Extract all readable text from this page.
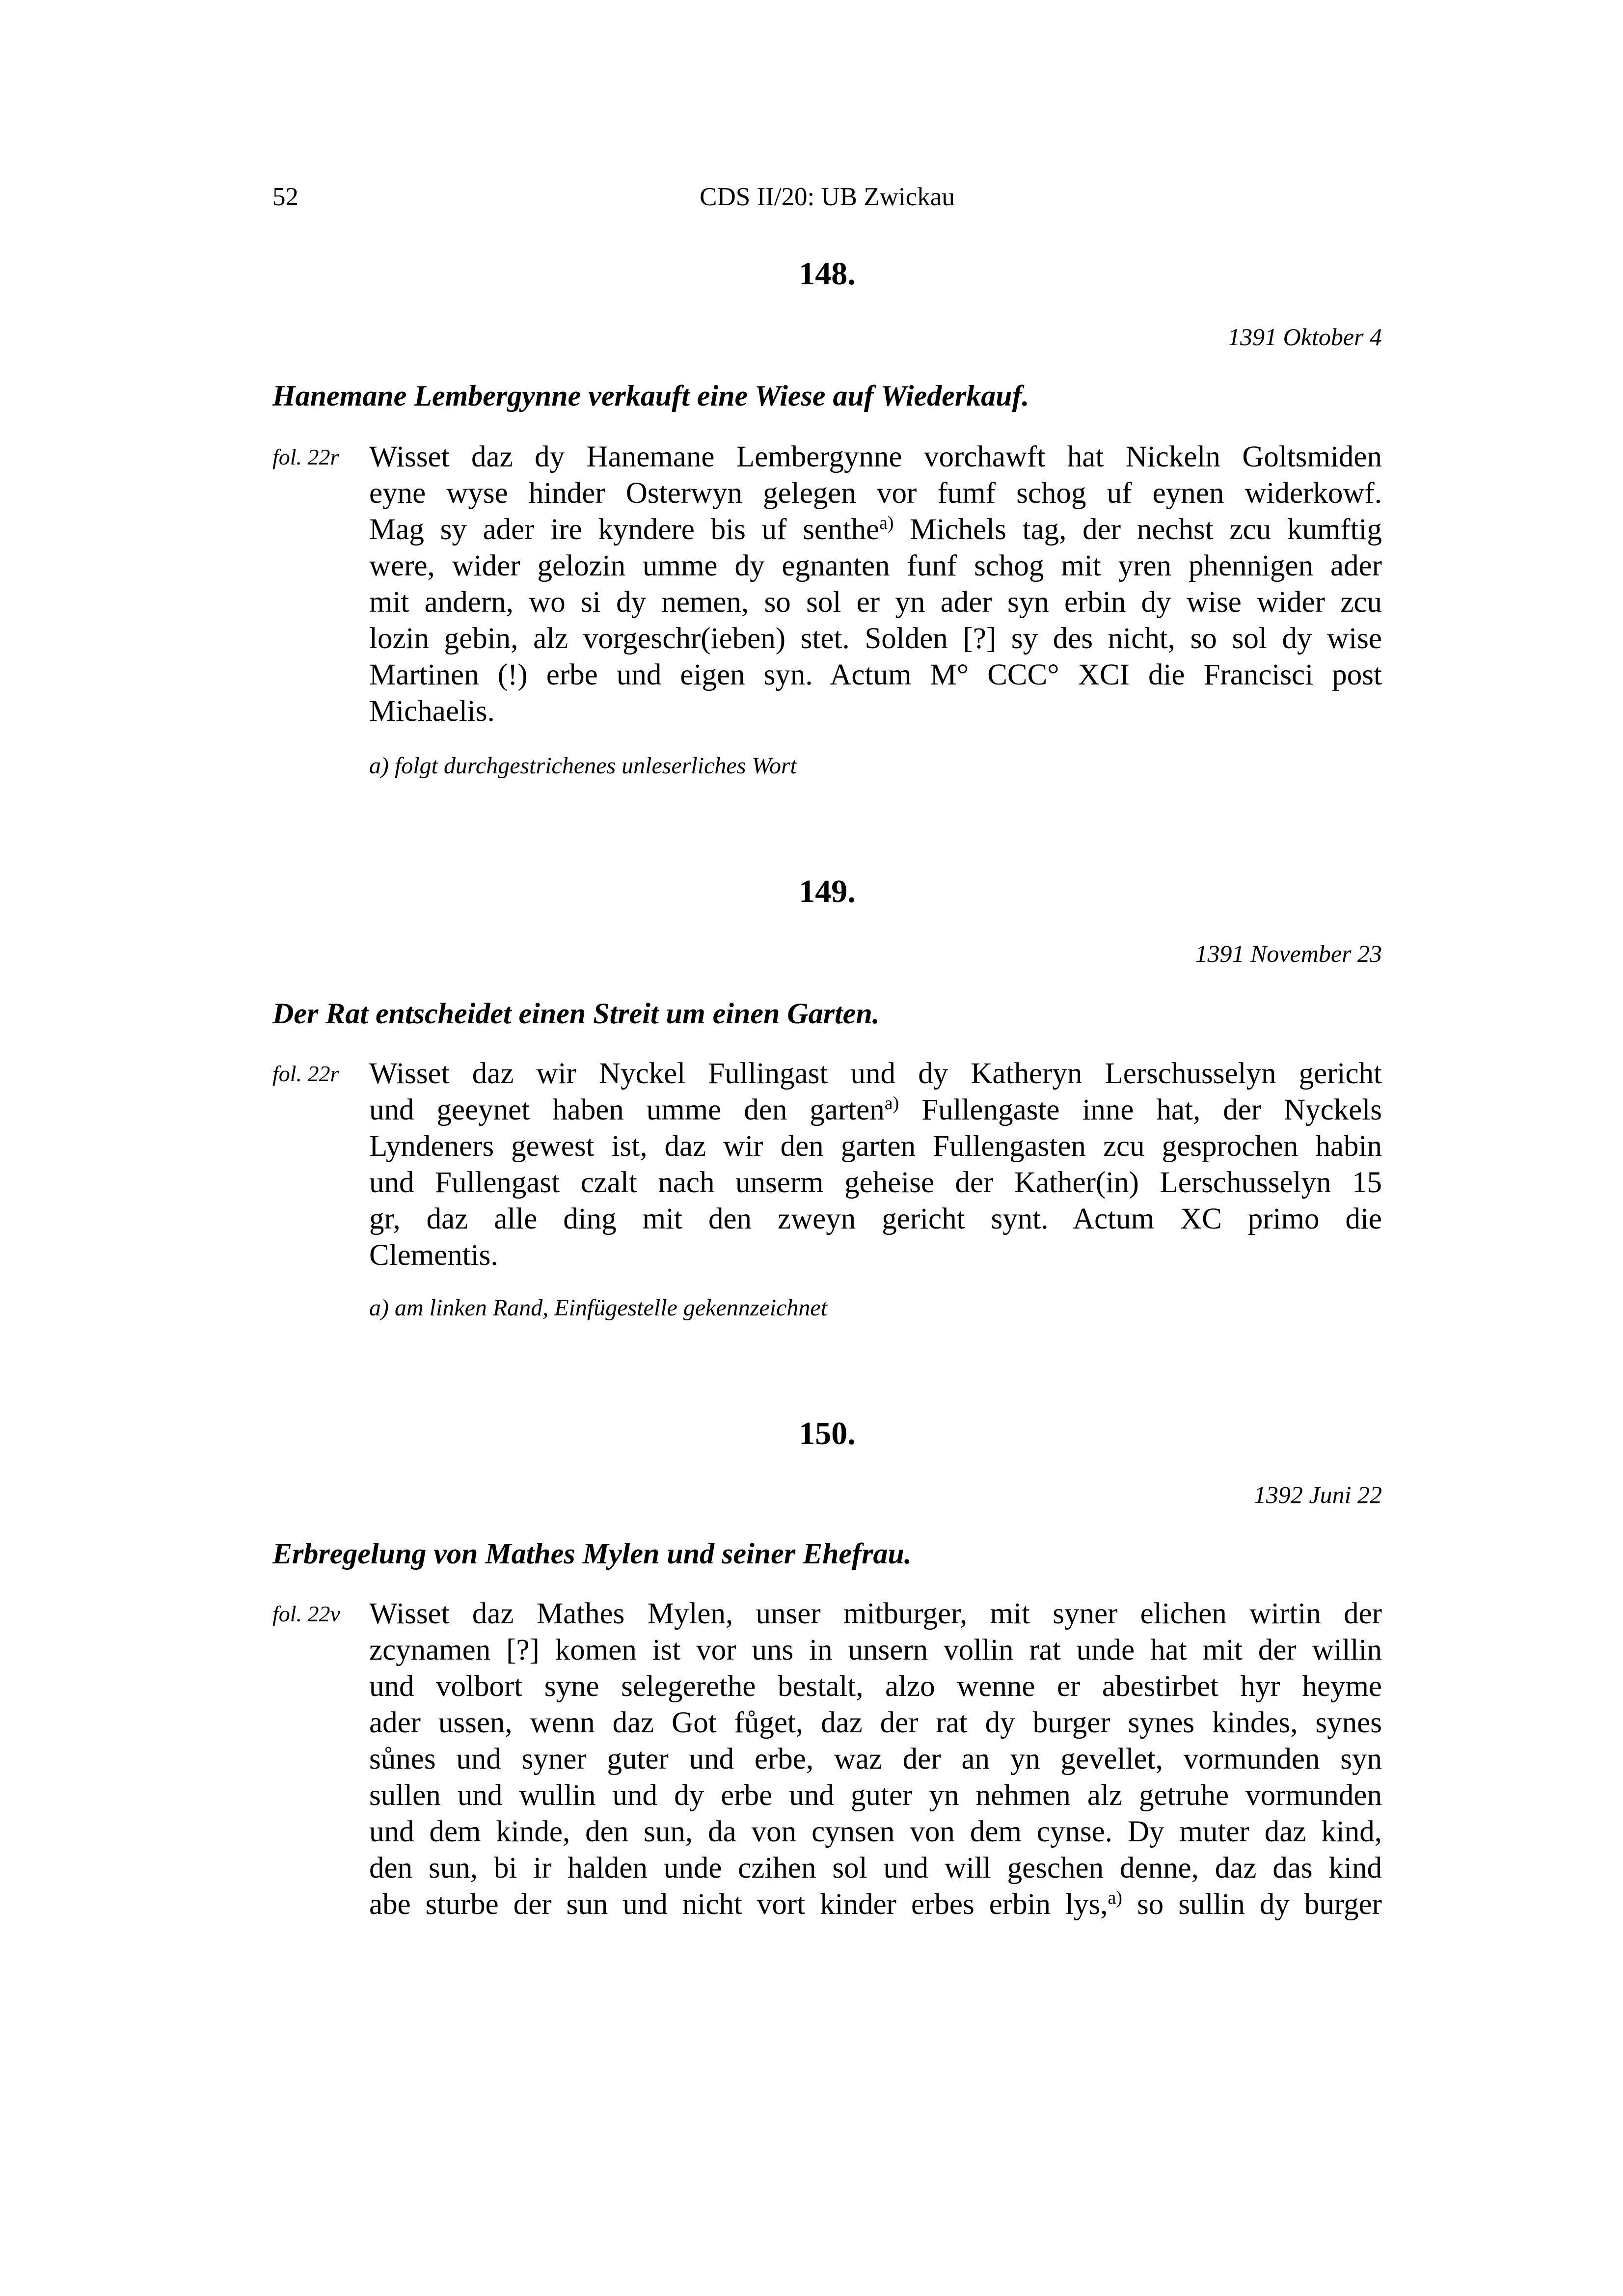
52	CDS II/20: UB Zwickau
148.
1391 Oktober 4
Hanemane Lembergynne verkauft eine Wiese auf Wiederkauf.
fol. 22r Wisset daz dy Hanemane Lembergynne vorchawft hat Nickeln Goltsmiden
eyne wyse hinder Osterwyn gelegen vor fumf schog uf eynen widerkowf.
Mag sy ader ire kyndere bis uf senthe$^{a)}$ Michels tag, der nechst zcu kumftig
were, wider gelozin umme dy egnanten funf schog mit yren phennigen ader
mit andern, wo si dy nemen, so sol er yn ader syn erbin dy wise wider zcu
lozin gebin, alz vorgeschr(ieben) stet. Solden [?] sy des nicht, so sol dy wise
Martinen (!) erbe und eigen syn. Actum M° CCC° XCI die Francisci post
Michaelis.
a) folgt durchgestrichenes unleserliches Wort
149.
1391 November 23
Der Rat entscheidet einen Streit um einen Garten.
fol. 22r Wisset daz wir Nyckel Fullingast und dy Katheryn Lerschusselyn gericht
und geeynet haben umme den garten$^{a)}$ Fullengaste inne hat, der Nyckels
Lyndeners gewest ist, daz wir den garten Fullengasten zcu gesprochen habin
und Fullengast czalt nach unserm geheise der Kather(in) Lerschusselyn 15
gr, daz alle ding mit den zweyn gericht synt. Actum XC primo die
Clementis.
a) am linken Rand, Einfügestelle gekennzeichnet
150.
1392 Juni 22
Erbregelung von Mathes Mylen und seiner Ehefrau.
fol. 22v Wisset daz Mathes Mylen, unser mitburger, mit syner elichen wirtin der
zcynamen [?] komen ist vor uns in unsern vollin rat unde hat mit der willin
und volbort syne selegerethe bestalt, alzo wenne er abestirbet hyr heyme
ader ussen, wenn daz Got fůget, daz der rat dy burger synes kindes, synes
sůnes und syner guter und erbe, waz der an yn gevellet, vormunden syn
sullen und wullin und dy erbe und guter yn nehmen alz getruhe vormunden
und dem kinde, den sun, da von cynsen von dem cynse. Dy muter daz kind,
den sun, bi ir halden unde czihen sol und will geschen denne, daz das kind
abe sturbe der sun und nicht vort kinder erbes erbin lys,$^{a)}$ so sullin dy burger
